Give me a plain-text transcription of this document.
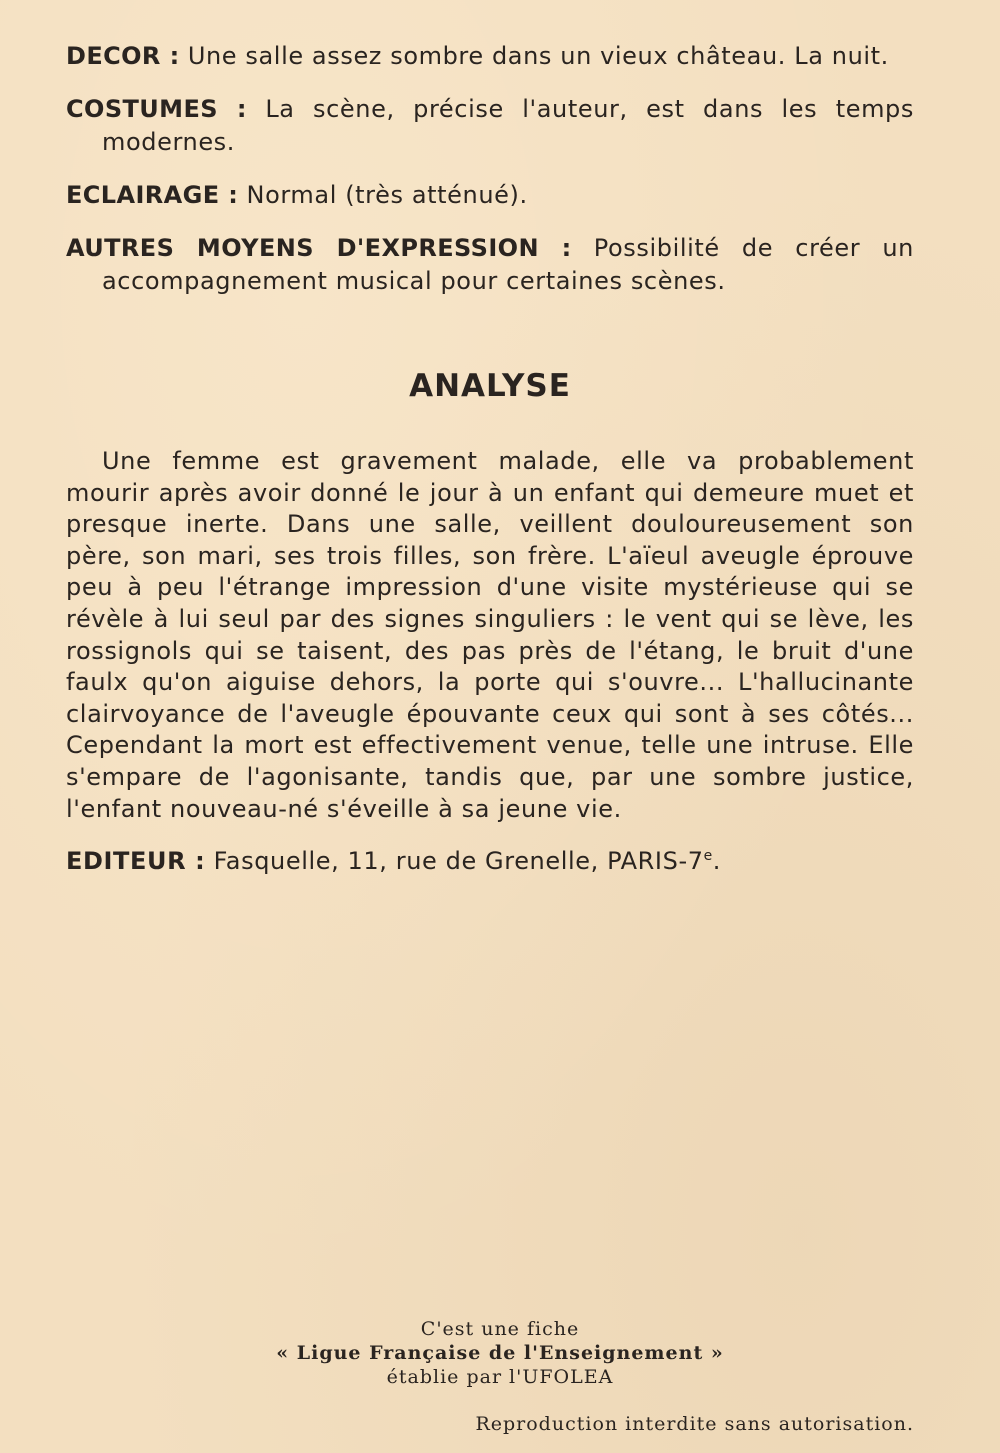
DECOR : Une salle assez sombre dans un vieux château. La nuit.

COSTUMES : La scène, précise l'auteur, est dans les temps modernes.

ECLAIRAGE : Normal (très atténué).

AUTRES MOYENS D'EXPRESSION : Possibilité de créer un accompagnement musical pour certaines scènes.

ANALYSE

Une femme est gravement malade, elle va probablement mourir après avoir donné le jour à un enfant qui demeure muet et presque inerte. Dans une salle, veillent douloureusement son père, son mari, ses trois filles, son frère. L'aïeul aveugle éprouve peu à peu l'étrange impression d'une visite mystérieuse qui se révèle à lui seul par des signes singuliers : le vent qui se lève, les rossignols qui se taisent, des pas près de l'étang, le bruit d'une faulx qu'on aiguise dehors, la porte qui s'ouvre... L'hallucinante clairvoyance de l'aveugle épouvante ceux qui sont à ses côtés... Cependant la mort est effectivement venue, telle une intruse. Elle s'empare de l'agonisante, tandis que, par une sombre justice, l'enfant nouveau-né s'éveille à sa jeune vie.

EDITEUR : Fasquelle, 11, rue de Grenelle, PARIS-7e.

C'est une fiche
« Ligue Française de l'Enseignement »
établie par l'UFOLEA
Reproduction interdite sans autorisation.
